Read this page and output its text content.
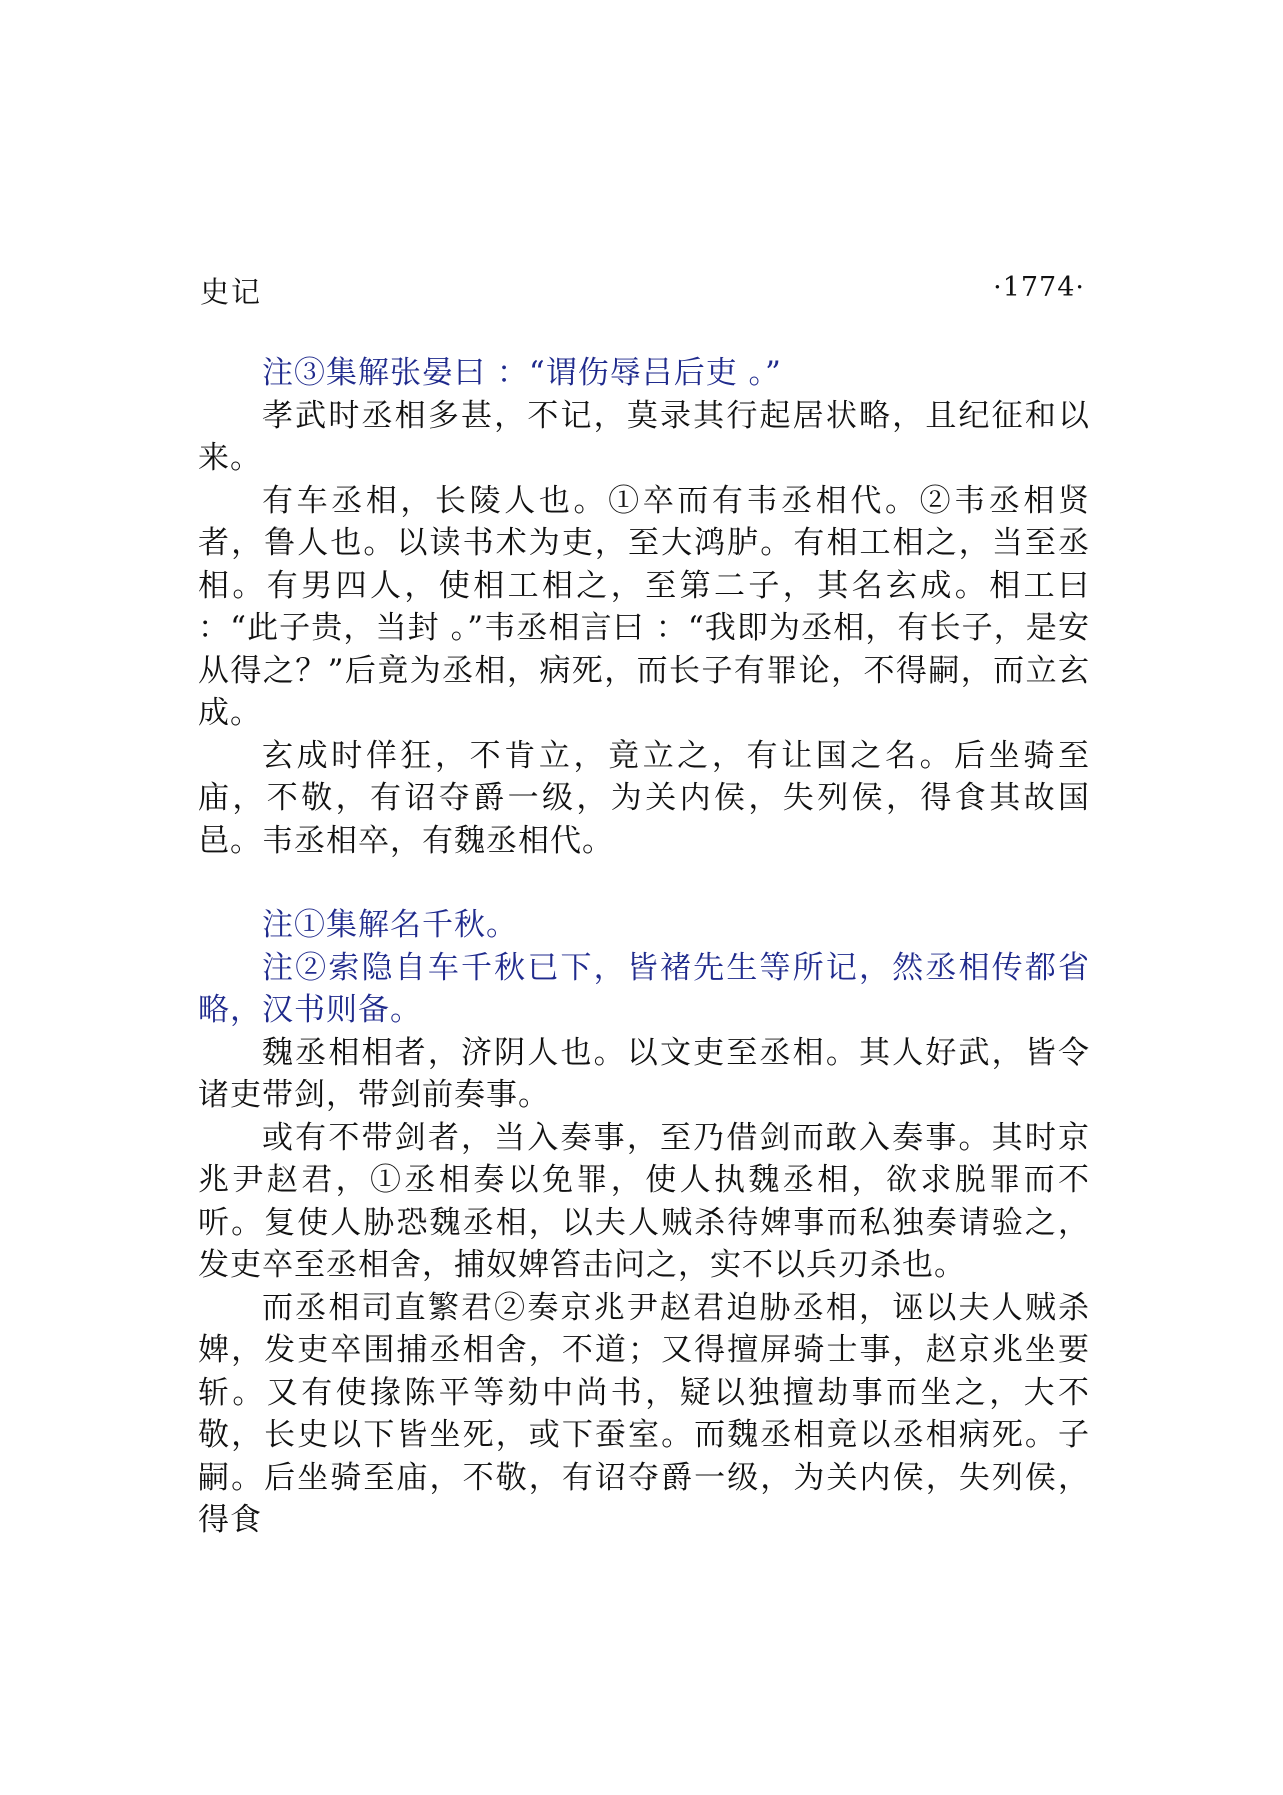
史记	·1774·

注③集解张晏曰 ：“谓伤辱吕后吏 。”

孝武时丞相多甚，不记，莫录其行起居状略，且纪征和以来。

有车丞相，长陵人也。①卒而有韦丞相代。②韦丞相贤者，鲁人也。以读书术为吏，至大鸿胪。有相工相之，当至丞相。有男四人，使相工相之，至第二子，其名玄成。相工曰 ：“此子贵，当封 。”韦丞相言曰 ：“我即为丞相，有长子，是安从得之？”后竟为丞相，病死，而长子有罪论，不得嗣，而立玄成。

玄成时佯狂，不肯立，竟立之，有让国之名。后坐骑至庙，不敬，有诏夺爵一级，为关内侯，失列侯，得食其故国邑。韦丞相卒，有魏丞相代。

注①集解名千秋。

注②索隐自车千秋已下，皆褚先生等所记，然丞相传都省略，汉书则备。

魏丞相相者，济阴人也。以文吏至丞相。其人好武，皆令诸吏带剑，带剑前奏事。

或有不带剑者，当入奏事，至乃借剑而敢入奏事。其时京兆尹赵君，①丞相奏以免罪，使人执魏丞相，欲求脱罪而不听。复使人胁恐魏丞相，以夫人贼杀待婢事而私独奏请验之，发吏卒至丞相舍，捕奴婢笞击问之，实不以兵刃杀也。

而丞相司直繁君②奏京兆尹赵君迫胁丞相，诬以夫人贼杀婢，发吏卒围捕丞相舍，不道；又得擅屏骑士事，赵京兆坐要斩。又有使掾陈平等劾中尚书，疑以独擅劫事而坐之，大不敬，长史以下皆坐死，或下蚕室。而魏丞相竟以丞相病死。子嗣。后坐骑至庙，不敬，有诏夺爵一级，为关内侯，失列侯，得食
